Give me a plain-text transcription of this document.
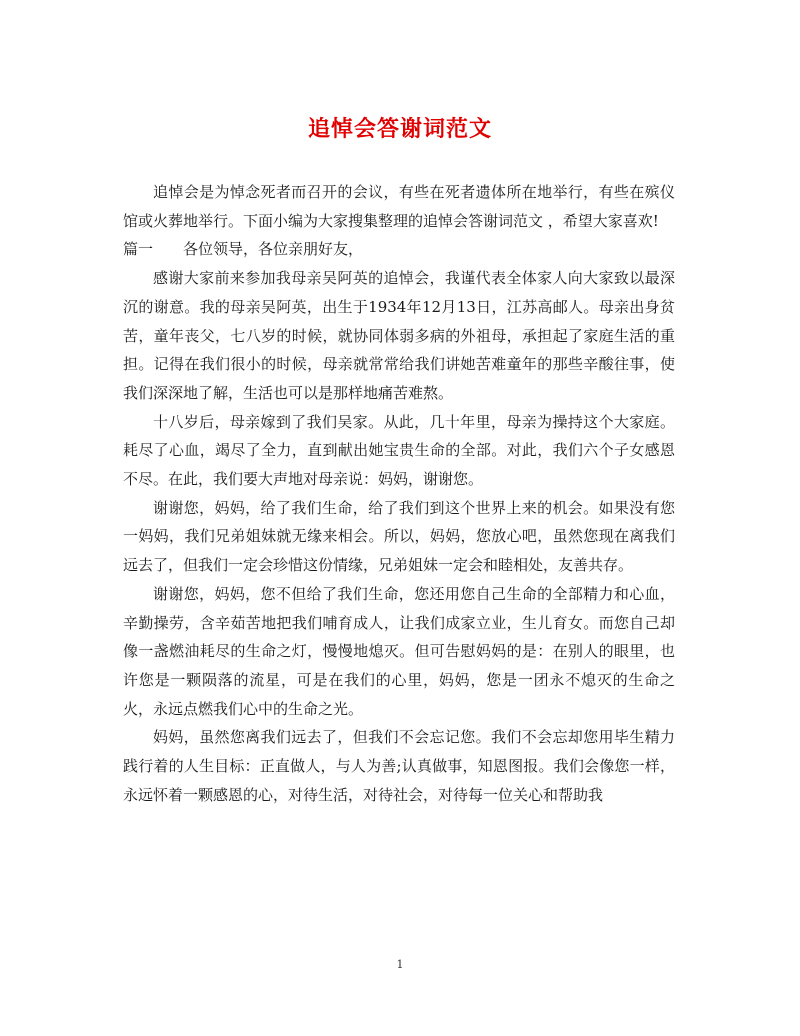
追悼会答谢词范文

追悼会是为悼念死者而召开的会议，有些在死者遗体所在地举行，有些在殡仪馆或火葬地举行。下面小编为大家搜集整理的追悼会答谢词范文 ，希望大家喜欢!

篇一　　各位领导，各位亲朋好友，

感谢大家前来参加我母亲吴阿英的追悼会，我谨代表全体家人向大家致以最深沉的谢意。我的母亲吴阿英，出生于1934年12月13日，江苏高邮人。母亲出身贫苦，童年丧父，七八岁的时候，就协同体弱多病的外祖母，承担起了家庭生活的重担。记得在我们很小的时候，母亲就常常给我们讲她苦难童年的那些辛酸往事，使我们深深地了解，生活也可以是那样地痛苦难熬。

十八岁后，母亲嫁到了我们吴家。从此，几十年里，母亲为操持这个大家庭。耗尽了心血，竭尽了全力，直到献出她宝贵生命的全部。对此，我们六个子女感恩不尽。在此，我们要大声地对母亲说：妈妈，谢谢您。

谢谢您，妈妈，给了我们生命，给了我们到这个世界上来的机会。如果没有您一妈妈，我们兄弟姐妹就无缘来相会。所以，妈妈，您放心吧，虽然您现在离我们远去了，但我们一定会珍惜这份情缘，兄弟姐妹一定会和睦相处，友善共存。

谢谢您，妈妈，您不但给了我们生命，您还用您自己生命的全部精力和心血，辛勤操劳，含辛茹苦地把我们哺育成人，让我们成家立业，生儿育女。而您自己却像一盏燃油耗尽的生命之灯，慢慢地熄灭。但可告慰妈妈的是：在别人的眼里，也许您是一颗陨落的流星，可是在我们的心里，妈妈，您是一团永不熄灭的生命之火，永远点燃我们心中的生命之光。

妈妈，虽然您离我们远去了，但我们不会忘记您。我们不会忘却您用毕生精力践行着的人生目标：正直做人，与人为善;认真做事，知恩图报。我们会像您一样，永远怀着一颗感恩的心，对待生活，对待社会，对待每一位关心和帮助我

1
